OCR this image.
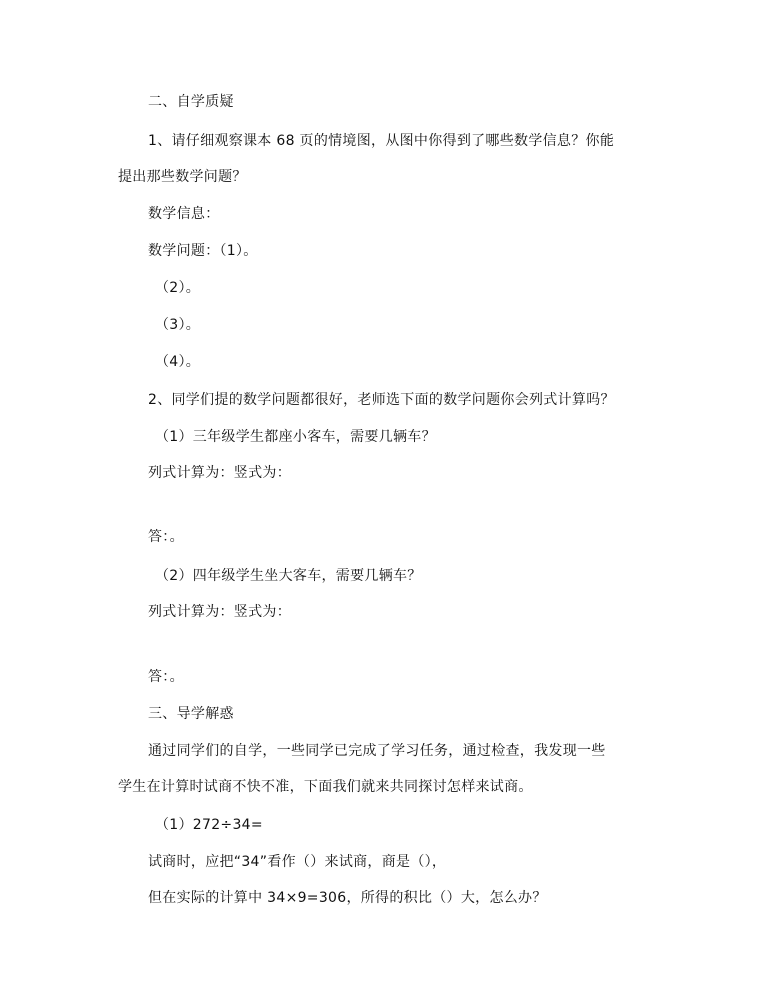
二、自学质疑
1、请仔细观察课本 68 页的情境图，从图中你得到了哪些数学信息？你能
提出那些数学问题？
数学信息：
数学问题：（1）。
（2）。
（3）。
（4）。
2、同学们提的数学问题都很好，老师选下面的数学问题你会列式计算吗？
（1）三年级学生都座小客车，需要几辆车？
列式计算为：竖式为：
答：。
（2）四年级学生坐大客车，需要几辆车？
列式计算为：竖式为：
答：。
三、导学解惑
通过同学们的自学，一些同学已完成了学习任务，通过检查，我发现一些
学生在计算时试商不快不准，下面我们就来共同探讨怎样来试商。
（1）272÷34=
试商时，应把“34”看作（）来试商，商是（），
但在实际的计算中 34×9=306，所得的积比（）大，怎么办？
